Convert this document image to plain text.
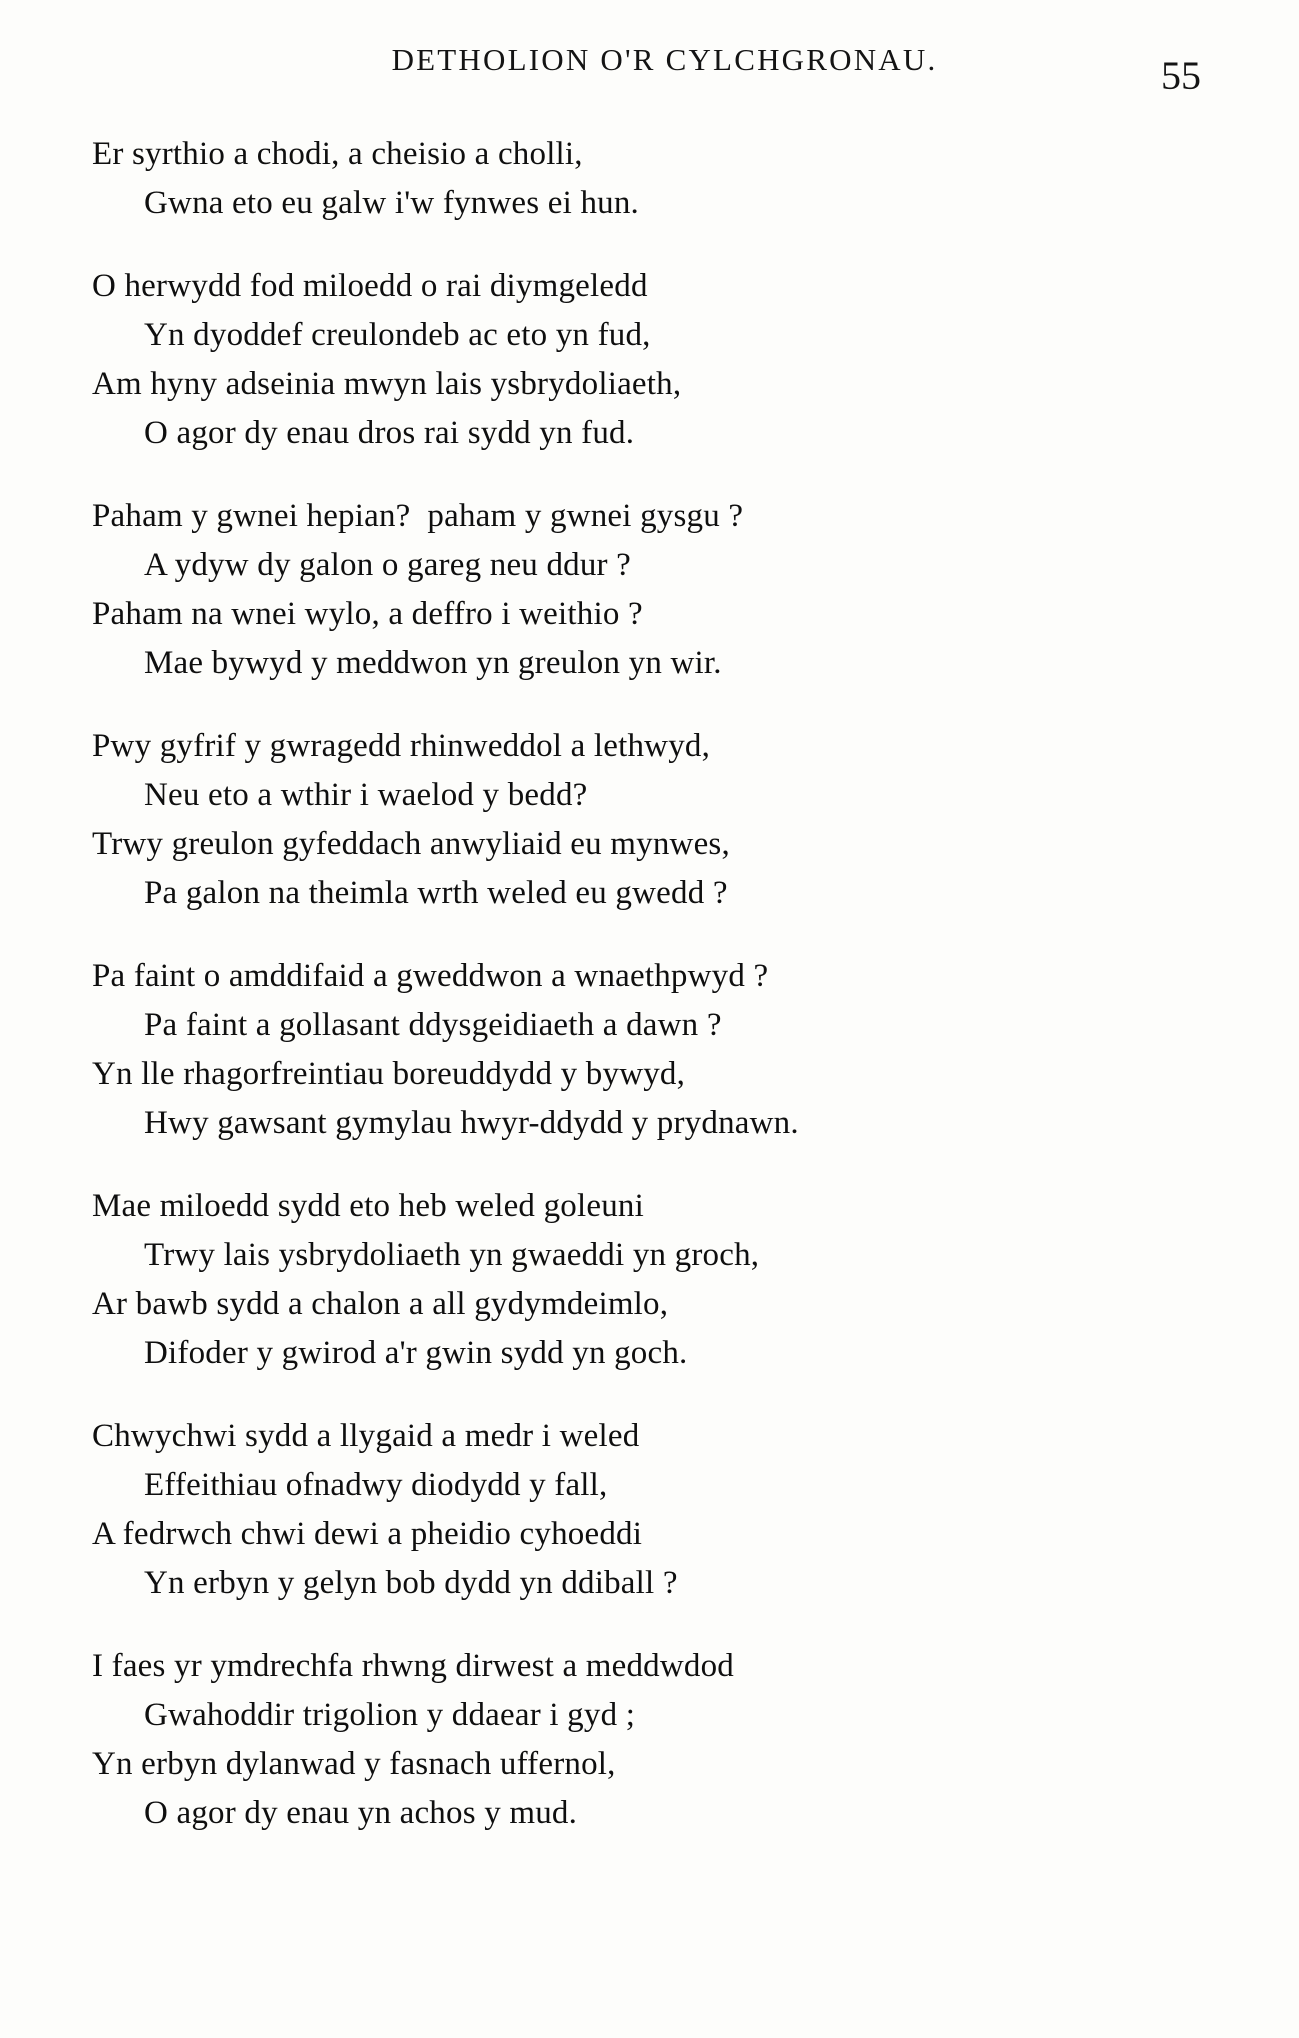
DETHOLION O'R CYLCHGRONAU.	55
Er syrthio a chodi, a cheisio a cholli,
Gwna eto eu galw i'w fynwes ei hun.
O herwydd fod miloedd o rai diymgeledd
Yn dyoddef creulondeb ac eto yn fud,
Am hyny adseinia mwyn lais ysbrydoliaeth,
O agor dy enau dros rai sydd yn fud.
Paham y gwnei hepian?  paham y gwnei gysgu ?
A ydyw dy galon o gareg neu ddur ?
Paham na wnei wylo, a deffro i weithio ?
Mae bywyd y meddwon yn greulon yn wir.
Pwy gyfrif y gwragedd rhinweddol a lethwyd,
Neu eto a wthir i waelod y bedd?
Trwy greulon gyfeddach anwyliaid eu mynwes,
Pa galon na theimla wrth weled eu gwedd ?
Pa faint o amddifaid a gweddwon a wnaethpwyd ?
Pa faint a gollasant ddysgeidiaeth a dawn ?
Yn lle rhagorfreintiau boreuddydd y bywyd,
Hwy gawsant gymylau hwyr-ddydd y prydnawn.
Mae miloedd sydd eto heb weled goleuni
Trwy lais ysbrydoliaeth yn gwaeddi yn groch,
Ar bawb sydd a chalon a all gydymdeimlo,
Difoder y gwirod a'r gwin sydd yn goch.
Chwychwi sydd a llygaid a medr i weled
Effeithiau ofnadwy diodydd y fall,
A fedrwch chwi dewi a pheidio cyhoeddi
Yn erbyn y gelyn bob dydd yn ddiball ?
I faes yr ymdrechfa rhwng dirwest a meddwdod
Gwahoddir trigolion y ddaear i gyd ;
Yn erbyn dylanwad y fasnach uffernol,
O agor dy enau yn achos y mud.
